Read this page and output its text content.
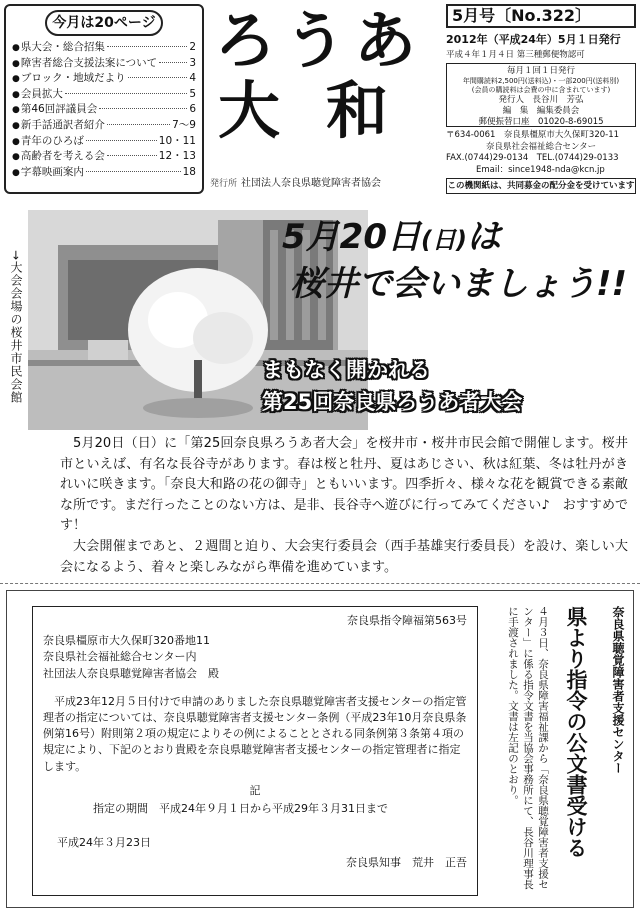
今月は20ページ
● 県大会・総合招集	2
● 障害者総合支援法案について	3
● ブロック・地域だより	4
● 会員拡大	5
● 第46回評議員会	6
● 新手話通訳者紹介	7～9
● 青年のひろば	10・11
● 高齢者を考える会	12・13
● 字幕映画案内	18
ろうあ
大和
発行所 社団法人奈良県聴覚障害者協会
5月号〔No.322〕
2012年（平成24年）5月１日発行
平成４年１月４日 第三種郵便物認可
毎月１回１日発行
年間購読料2,500円(送料込)・一部200円(送料別)
(会員の購読料は会費の中に含まれています)
発行人　長谷川　芳弘
編　集　編集委員会
郵便振替口座　01020-8-69015
〒634-0061　奈良県橿原市大久保町320-11
奈良県社会福祉総合センター
FAX.(0744)29-0134　TEL.(0744)29-0133
Email：since1948-nda@kcn.jp
この機関紙は、共同募金の配分金を受けています
→大会会場の桜井市民会館
5月20日(日)は
桜井で会いましょう!!
まもなく開かれる
第25回奈良県ろうあ者大会

5月20日（日）に「第25回奈良県ろうあ者大会」を桜井市・桜井市民会館で開催します。桜井市といえば、有名な長谷寺があります。春は桜と牡丹、夏はあじさい、秋は紅葉、冬は牡丹がきれいに咲きます。「奈良大和路の花の御寺」ともいいます。四季折々、様々な花を観賞できる素敵な所です。まだ行ったことのない方は、是非、長谷寺へ遊びに行ってみてください♪　おすすめです！

大会開催まであと、２週間と迫り、大会実行委員会（西手基雄実行委員長）を設け、楽しい大会になるよう、着々と楽しみながら準備を進めています。

奈良県指令障福第563号
奈良県橿原市大久保町320番地11
奈良県社会福祉総合センター内
社団法人奈良県聴覚障害者協会　殿
平成23年12月５日付けで申請のありました奈良県聴覚障害者支援センターの指定管理者の指定については、奈良県聴覚障害者支援センター条例（平成23年10月奈良県条例第16号）附則第２項の規定によりその例によることとされる同条例第３条第４項の規定により、下記のとおり貴殿を奈良県聴覚障害者支援センターの指定管理者に指定します。
記
指定の期間　平成24年９月１日から平成29年３月31日まで
平成24年３月23日
奈良県知事　荒井　正吾
奈良県聴覚障害者支援センター
県より指令の公文書受ける
４月３日、奈良県障害福祉課から「奈良県聴覚障害者支援センター」に係る指令文書を当協会事務所にて、長谷川理事長に手渡されました。文書は左記のとおり。
